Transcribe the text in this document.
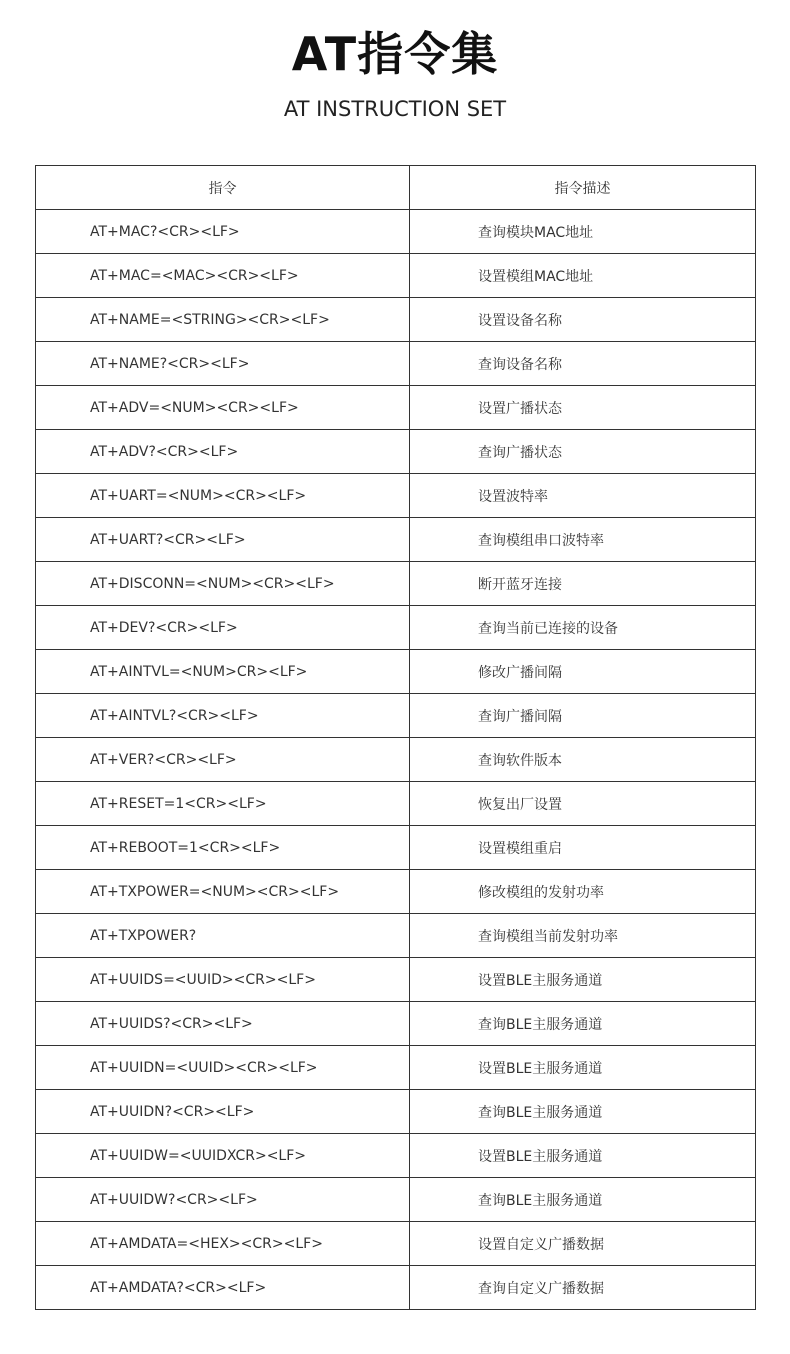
AT指令集
AT INSTRUCTION SET
指令	指令描述
AT+MAC?<CR><LF>	查询模块MAC地址
AT+MAC=<MAC><CR><LF>	设置模组MAC地址
AT+NAME=<STRING><CR><LF>	设置设备名称
AT+NAME?<CR><LF>	查询设备名称
AT+ADV=<NUM><CR><LF>	设置广播状态
AT+ADV?<CR><LF>	查询广播状态
AT+UART=<NUM><CR><LF>	设置波特率
AT+UART?<CR><LF>	查询模组串口波特率
AT+DISCONN=<NUM><CR><LF>	断开蓝牙连接
AT+DEV?<CR><LF>	查询当前已连接的设备
AT+AINTVL=<NUM>CR><LF>	修改广播间隔
AT+AINTVL?<CR><LF>	查询广播间隔
AT+VER?<CR><LF>	查询软件版本
AT+RESET=1<CR><LF>	恢复出厂设置
AT+REBOOT=1<CR><LF>	设置模组重启
AT+TXPOWER=<NUM><CR><LF>	修改模组的发射功率
AT+TXPOWER?	查询模组当前发射功率
AT+UUIDS=<UUID><CR><LF>	设置BLE主服务通道
AT+UUIDS?<CR><LF>	查询BLE主服务通道
AT+UUIDN=<UUID><CR><LF>	设置BLE主服务通道
AT+UUIDN?<CR><LF>	查询BLE主服务通道
AT+UUIDW=<UUIDXCR><LF>	设置BLE主服务通道
AT+UUIDW?<CR><LF>	查询BLE主服务通道
AT+AMDATA=<HEX><CR><LF>	设置自定义广播数据
AT+AMDATA?<CR><LF>	查询自定义广播数据
